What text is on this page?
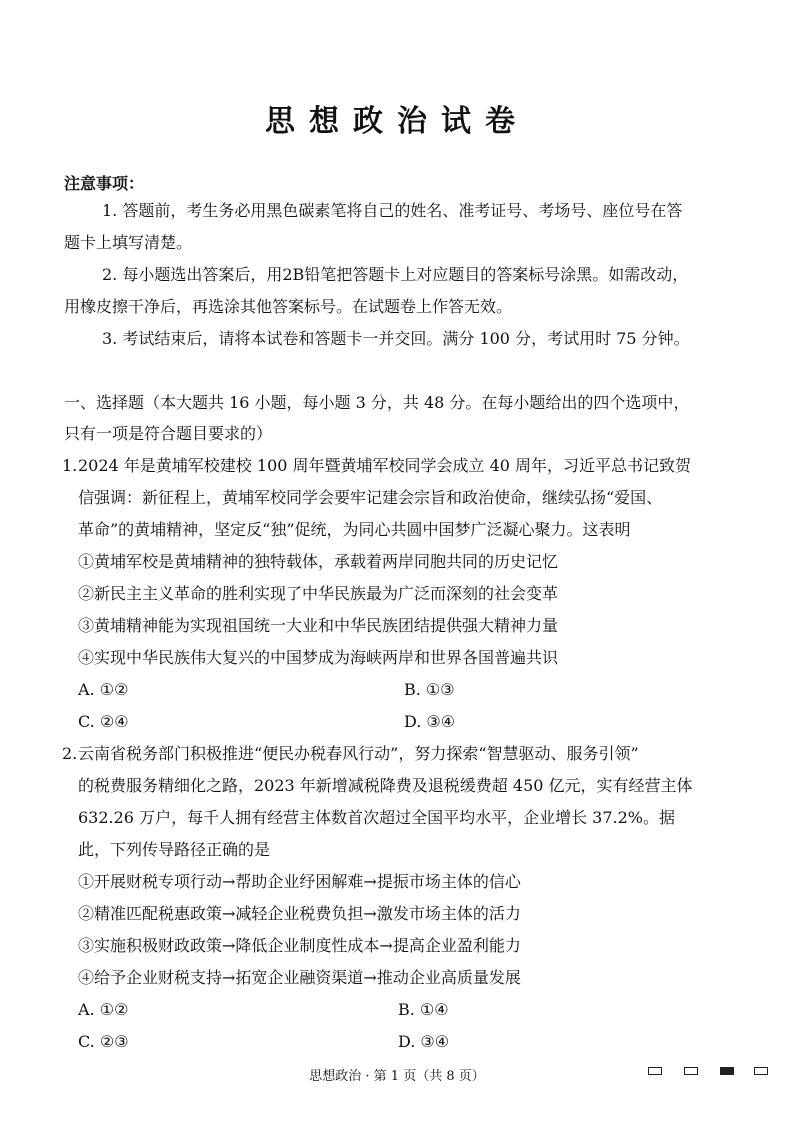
思想政治试卷
注意事项：
1. 答题前，考生务必用黑色碳素笔将自己的姓名、准考证号、考场号、座位号在答
题卡上填写清楚。
2. 每小题选出答案后，用2B铅笔把答题卡上对应题目的答案标号涂黑。如需改动，
用橡皮擦干净后，再选涂其他答案标号。在试题卷上作答无效。
3. 考试结束后，请将本试卷和答题卡一并交回。满分 100 分，考试用时 75 分钟。
一、选择题（本大题共 16 小题，每小题 3 分，共 48 分。在每小题给出的四个选项中，
只有一项是符合题目要求的）
1. 2024 年是黄埔军校建校 100 周年暨黄埔军校同学会成立 40 周年，习近平总书记致贺
信强调：新征程上，黄埔军校同学会要牢记建会宗旨和政治使命，继续弘扬“爱国、
革命”的黄埔精神，坚定反“独”促统，为同心共圆中国梦广泛凝心聚力。这表明
①黄埔军校是黄埔精神的独特载体，承载着两岸同胞共同的历史记忆
②新民主主义革命的胜利实现了中华民族最为广泛而深刻的社会变革
③黄埔精神能为实现祖国统一大业和中华民族团结提供强大精神力量
④实现中华民族伟大复兴的中国梦成为海峡两岸和世界各国普遍共识
A. ①②	B. ①③
C. ②④	D. ③④
2. 云南省税务部门积极推进“便民办税春风行动”，努力探索“智慧驱动、服务引领”
的税费服务精细化之路，2023 年新增减税降费及退税缓费超 450 亿元，实有经营主体
632.26 万户，每千人拥有经营主体数首次超过全国平均水平，企业增长 37.2%。据
此，下列传导路径正确的是
①开展财税专项行动→帮助企业纾困解难→提振市场主体的信心
②精准匹配税惠政策→减轻企业税费负担→激发市场主体的活力
③实施积极财政政策→降低企业制度性成本→提高企业盈利能力
④给予企业财税支持→拓宽企业融资渠道→推动企业高质量发展
A. ①②	B. ①④
C. ②③	D. ③④
思想政治 · 第 1 页（共 8 页）
